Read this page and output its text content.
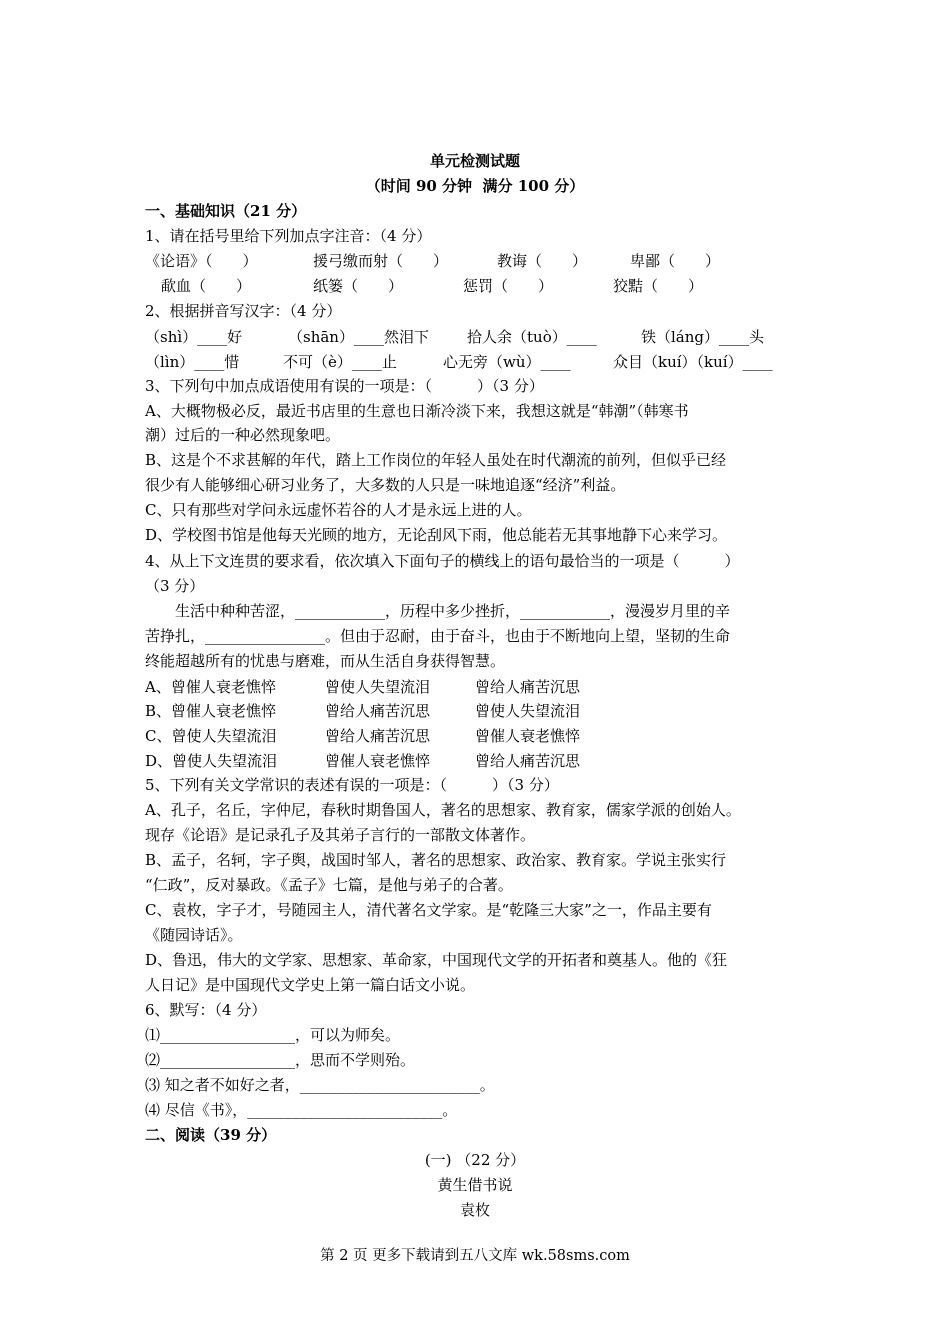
单元检测试题
（时间 90 分钟  满分 100 分）
一、基础知识（21 分）
1、请在括号里给下列加点字注音：（4 分）
《论语》（　　）	援弓缴而射（　　）	教诲（　　）	卑鄙（　　）
歃血（　　）	纸篓（　　）	惩罚（　　）	狡黠（　　）
2、根据拼音写汉字：（4 分）
（shì）____好	（shān）____然泪下	拾人余（tuò）____	铁（láng）____头
（lìn）____惜	不可（è）____止	心无旁（wù）____	众目（kuí）（kuí）____
3、下列句中加点成语使用有误的一项是：（　　　）（3 分）
A、大概物极必反，最近书店里的生意也日渐冷淡下来，我想这就是“韩潮”（韩寒书
潮）过后的一种必然现象吧。
B、这是个不求甚解的年代，踏上工作岗位的年轻人虽处在时代潮流的前列，但似乎已经
很少有人能够细心研习业务了，大多数的人只是一味地追逐“经济”利益。
C、只有那些对学问永远虚怀若谷的人才是永远上进的人。
D、学校图书馆是他每天光顾的地方，无论刮风下雨，他总能若无其事地静下心来学习。
4、从上下文连贯的要求看，依次填入下面句子的横线上的语句最恰当的一项是（　　　）
（3 分）
　　生活中种种苦涩，____________，历程中多少挫折，____________，漫漫岁月里的辛
苦挣扎，________________。但由于忍耐，由于奋斗，也由于不断地向上望，坚韧的生命
终能超越所有的忧患与磨难，而从生活自身获得智慧。
A、曾催人衰老憔悴	曾使人失望流泪	曾给人痛苦沉思
B、曾催人衰老憔悴	曾给人痛苦沉思	曾使人失望流泪
C、曾使人失望流泪	曾给人痛苦沉思	曾催人衰老憔悴
D、曾使人失望流泪	曾催人衰老憔悴	曾给人痛苦沉思
5、下列有关文学常识的表述有误的一项是：（　　　）（3 分）
A、孔子，名丘，字仲尼，春秋时期鲁国人，著名的思想家、教育家，儒家学派的创始人。
现存《论语》是记录孔子及其弟子言行的一部散文体著作。
B、孟子，名轲，字子舆，战国时邹人，著名的思想家、政治家、教育家。学说主张实行
“仁政”，反对暴政。《孟子》七篇，是他与弟子的合著。
C、袁枚，字子才，号随园主人，清代著名文学家。是“乾隆三大家”之一，作品主要有
《随园诗话》。
D、鲁迅，伟大的文学家、思想家、革命家，中国现代文学的开拓者和奠基人。他的《狂
人日记》是中国现代文学史上第一篇白话文小说。
6、默写：（4 分）
⑴__________________，可以为师矣。
⑵__________________，思而不学则殆。
⑶ 知之者不如好之者，________________________。
⑷ 尽信《书》，__________________________。
二、阅读（39 分）
(一) （22 分）
黄生借书说
袁枚
第 2 页 更多下载请到五八文库 wk.58sms.com
